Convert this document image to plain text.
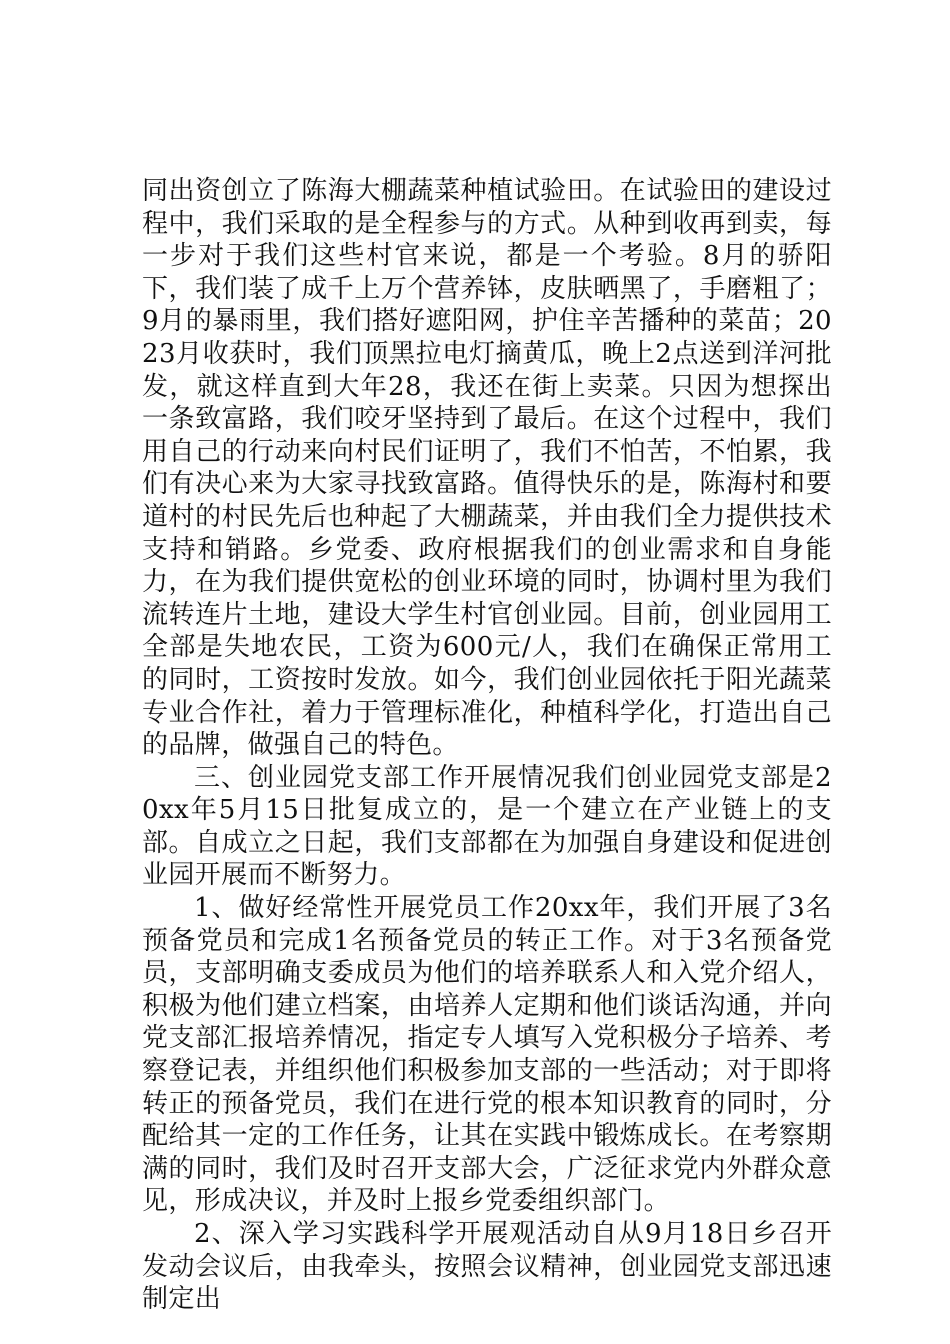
同出资创立了陈海大棚蔬菜种植试验田。在试验田的建设过程中，我们采取的是全程参与的方式。从种到收再到卖，每一步对于我们这些村官来说，都是一个考验。8月的骄阳下，我们装了成千上万个营养钵，皮肤晒黑了，手磨粗了；9月的暴雨里，我们搭好遮阳网，护住辛苦播种的菜苗；2023月收获时，我们顶黑拉电灯摘黄瓜，晚上2点送到洋河批发，就这样直到大年28，我还在街上卖菜。只因为想探出一条致富路，我们咬牙坚持到了最后。在这个过程中，我们用自己的行动来向村民们证明了，我们不怕苦，不怕累，我们有决心来为大家寻找致富路。值得快乐的是，陈海村和要道村的村民先后也种起了大棚蔬菜，并由我们全力提供技术支持和销路。乡党委、政府根据我们的创业需求和自身能力，在为我们提供宽松的创业环境的同时，协调村里为我们流转连片土地，建设大学生村官创业园。目前，创业园用工全部是失地农民，工资为600元/人，我们在确保正常用工的同时，工资按时发放。如今，我们创业园依托于阳光蔬菜专业合作社，着力于管理标准化，种植科学化，打造出自己的品牌，做强自己的特色。

三、创业园党支部工作开展情况我们创业园党支部是20xx年5月15日批复成立的，是一个建立在产业链上的支部。自成立之日起，我们支部都在为加强自身建设和促进创业园开展而不断努力。

1、做好经常性开展党员工作20xx年，我们开展了3名预备党员和完成1名预备党员的转正工作。对于3名预备党员，支部明确支委成员为他们的培养联系人和入党介绍人，积极为他们建立档案，由培养人定期和他们谈话沟通，并向党支部汇报培养情况，指定专人填写入党积极分子培养、考察登记表，并组织他们积极参加支部的一些活动；对于即将转正的预备党员，我们在进行党的根本知识教育的同时，分配给其一定的工作任务，让其在实践中锻炼成长。在考察期满的同时，我们及时召开支部大会，广泛征求党内外群众意见，形成决议，并及时上报乡党委组织部门。

2、深入学习实践科学开展观活动自从9月18日乡召开发动会议后，由我牵头，按照会议精神，创业园党支部迅速制定出
